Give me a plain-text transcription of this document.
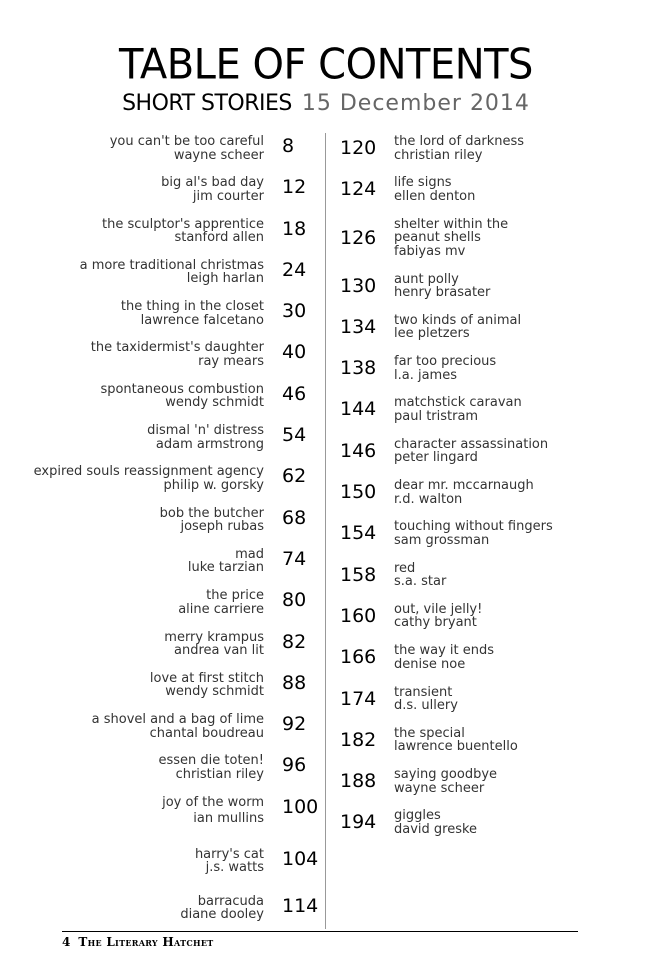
TABLE OF CONTENTS
SHORT STORIES 15 December 2014
you can't be too careful
wayne scheer 8
big al's bad day
jim courter 12
the sculptor's apprentice
stanford allen 18
a more traditional christmas
leigh harlan 24
the thing in the closet
lawrence falcetano 30
the taxidermist's daughter
ray mears 40
spontaneous combustion
wendy schmidt 46
dismal 'n' distress
adam armstrong 54
expired souls reassignment agency
philip w. gorsky 62
bob the butcher
joseph rubas 68
mad
luke tarzian 74
the price
aline carriere 80
merry krampus
andrea van lit 82
love at first stitch
wendy schmidt 88
a shovel and a bag of lime
chantal boudreau 92
essen die toten!
christian riley 96
joy of the worm
ian mullins
100
harry's cat
j.s. watts 104
barracuda
diane dooley 114
120 the lord of darkness
christian riley
124 life signs
ellen denton
126
shelter within the
peanut shells
fabiyas mv
130 aunt polly
henry brasater
134 two kinds of animal
lee pletzers
138 far too precious
l.a. james
144 matchstick caravan
paul tristram
146 character assassination
peter lingard
150 dear mr. mccarnaugh
r.d. walton
154 touching without fingers
sam grossman
158 red
s.a. star
160 out, vile jelly!
cathy bryant
166 the way it ends
denise noe
174 transient
d.s. ullery
182 the special
lawrence buentello
188 saying goodbye
wayne scheer
194 giggles
david greske
4 The Literary Hatchet
